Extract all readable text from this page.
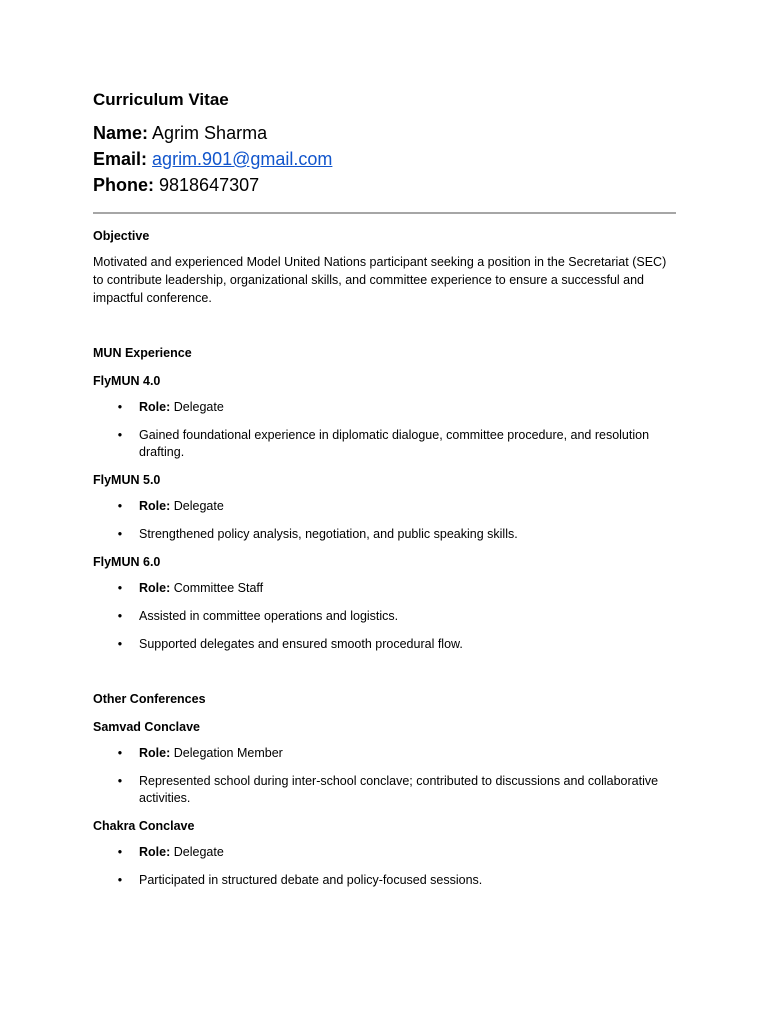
Curriculum Vitae

Name: Agrim Sharma

Email: agrim.901@gmail.com

Phone: 9818647307

Objective

Motivated and experienced Model United Nations participant seeking a position in the Secretariat (SEC) to contribute leadership, organizational skills, and committee experience to ensure a successful and impactful conference.

MUN Experience
FlyMUN 4.0
• Role: Delegate
• Gained foundational experience in diplomatic dialogue, committee procedure, and resolution drafting.
FlyMUN 5.0
• Role: Delegate
• Strengthened policy analysis, negotiation, and public speaking skills.
FlyMUN 6.0
• Role: Committee Staff
• Assisted in committee operations and logistics.
• Supported delegates and ensured smooth procedural flow.
Other Conferences
Samvad Conclave
• Role: Delegation Member
• Represented school during inter-school conclave; contributed to discussions and collaborative activities.
Chakra Conclave
• Role: Delegate
• Participated in structured debate and policy-focused sessions.
